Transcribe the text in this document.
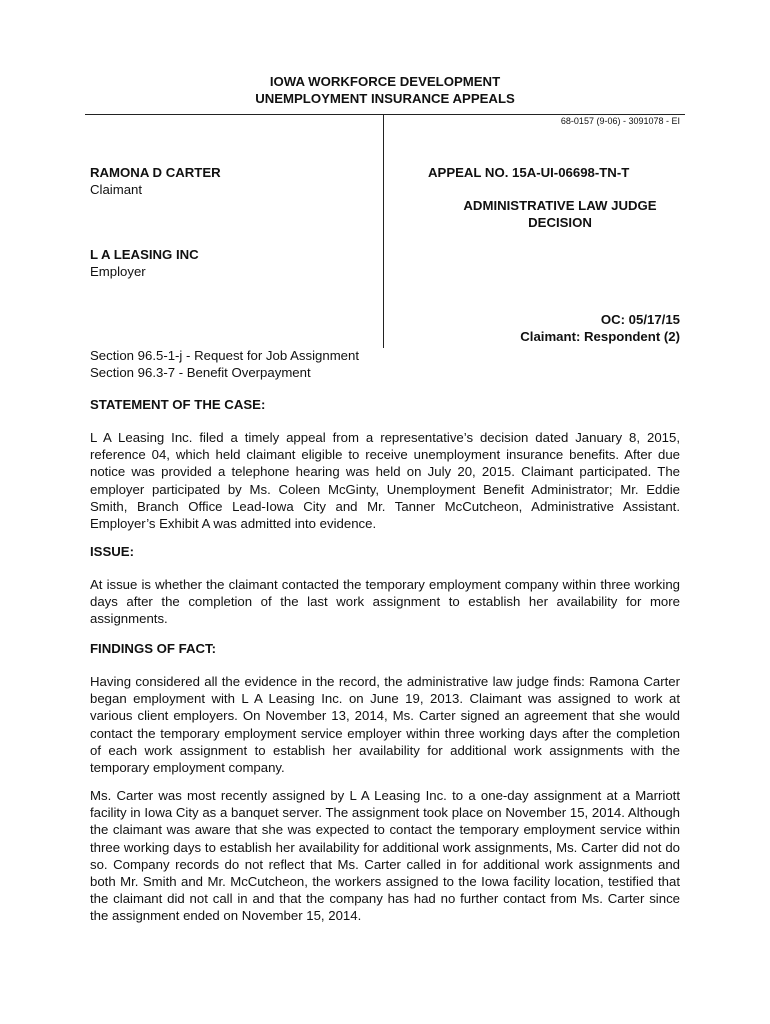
IOWA WORKFORCE DEVELOPMENT
UNEMPLOYMENT INSURANCE APPEALS
68-0157 (9-06) - 3091078 - EI
RAMONA D CARTER
Claimant
L A LEASING INC
Employer
APPEAL NO. 15A-UI-06698-TN-T
ADMINISTRATIVE LAW JUDGE
DECISION
OC: 05/17/15
Claimant: Respondent (2)
Section 96.5-1-j - Request for Job Assignment
Section 96.3-7 - Benefit Overpayment
STATEMENT OF THE CASE:
L A Leasing Inc. filed a timely appeal from a representative’s decision dated January 8, 2015, reference 04, which held claimant eligible to receive unemployment insurance benefits. After due notice was provided a telephone hearing was held on July 20, 2015. Claimant participated. The employer participated by Ms. Coleen McGinty, Unemployment Benefit Administrator; Mr. Eddie Smith, Branch Office Lead-Iowa City and Mr. Tanner McCutcheon, Administrative Assistant. Employer’s Exhibit A was admitted into evidence.
ISSUE:
At issue is whether the claimant contacted the temporary employment company within three working days after the completion of the last work assignment to establish her availability for more assignments.
FINDINGS OF FACT:
Having considered all the evidence in the record, the administrative law judge finds: Ramona Carter began employment with L A Leasing Inc. on June 19, 2013. Claimant was assigned to work at various client employers. On November 13, 2014, Ms. Carter signed an agreement that she would contact the temporary employment service employer within three working days after the completion of each work assignment to establish her availability for additional work assignments with the temporary employment company.
Ms. Carter was most recently assigned by L A Leasing Inc. to a one-day assignment at a Marriott facility in Iowa City as a banquet server. The assignment took place on November 15, 2014. Although the claimant was aware that she was expected to contact the temporary employment service within three working days to establish her availability for additional work assignments, Ms. Carter did not do so. Company records do not reflect that Ms. Carter called in for additional work assignments and both Mr. Smith and Mr. McCutcheon, the workers assigned to the Iowa facility location, testified that the claimant did not call in and that the company has had no further contact from Ms. Carter since the assignment ended on November 15, 2014.
